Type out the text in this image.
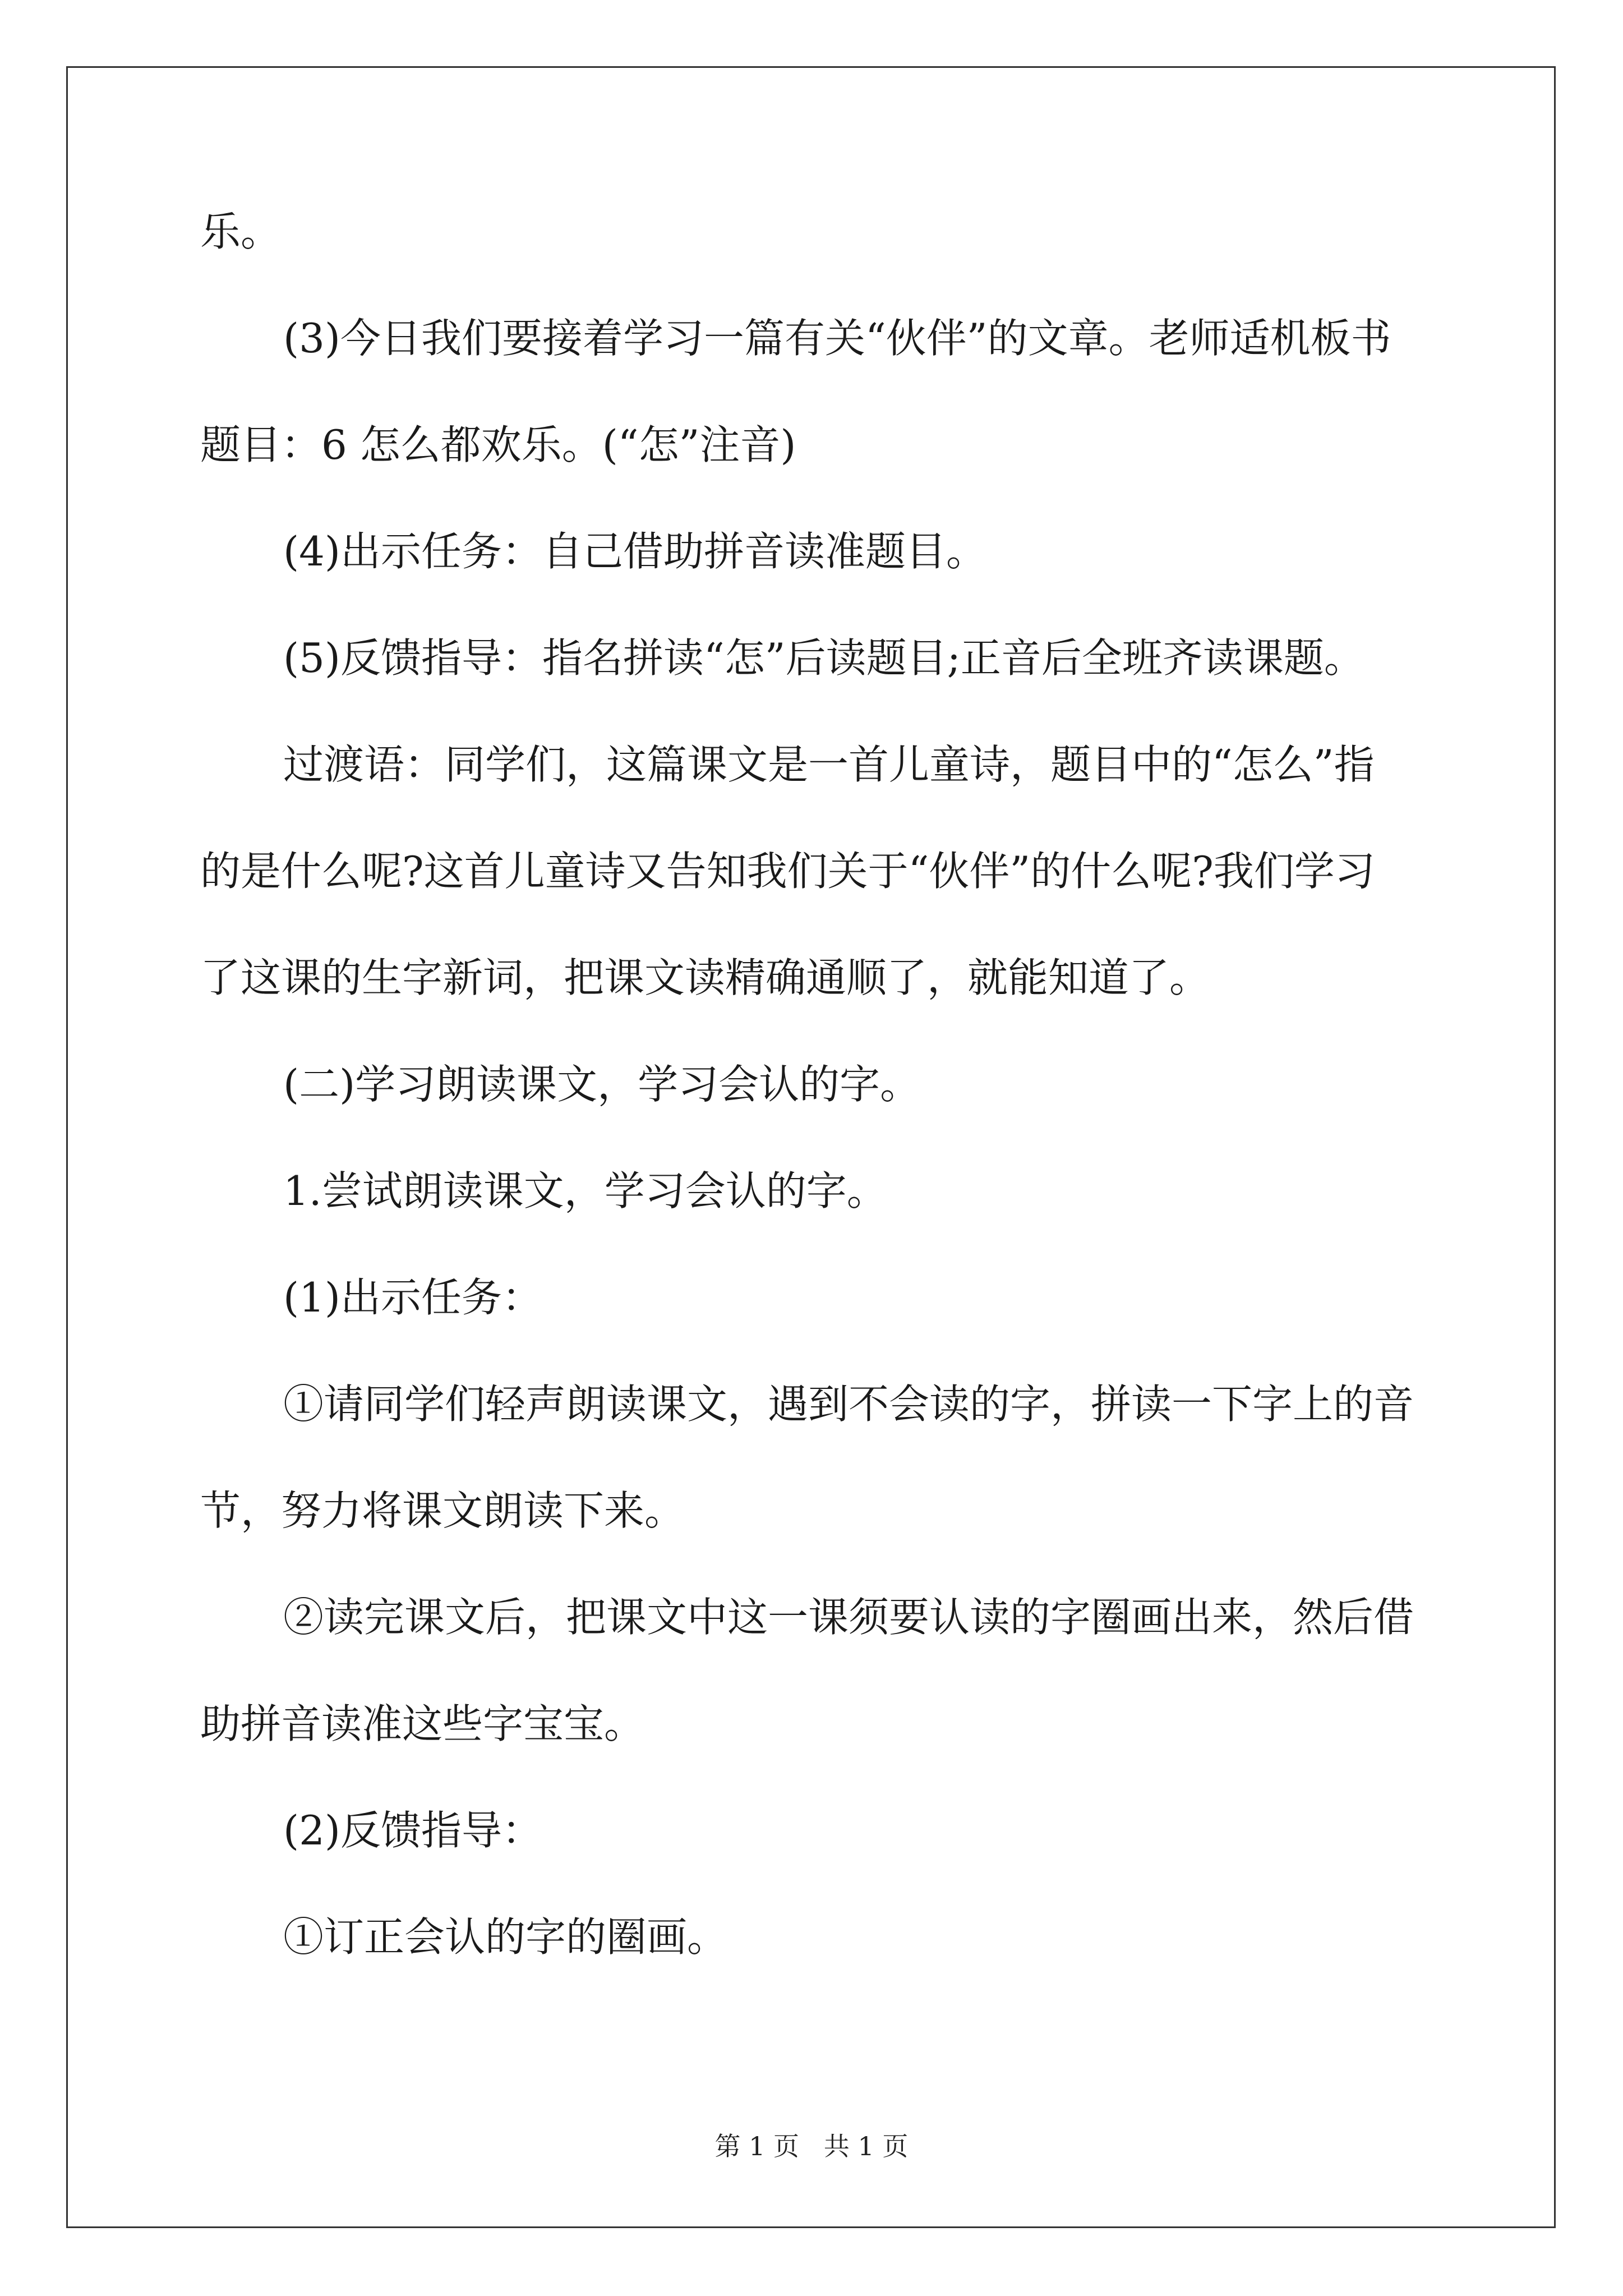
乐。
(3)今日我们要接着学习一篇有关“伙伴”的文章。老师适机板书
题目：6 怎么都欢乐。(“怎”注音)
(4)出示任务：自己借助拼音读准题目。
(5)反馈指导：指名拼读“怎”后读题目;正音后全班齐读课题。
过渡语：同学们，这篇课文是一首儿童诗，题目中的“怎么”指
的是什么呢?这首儿童诗又告知我们关于“伙伴”的什么呢?我们学习
了这课的生字新词，把课文读精确通顺了，就能知道了。
(二)学习朗读课文，学习会认的字。
1.尝试朗读课文，学习会认的字。
(1)出示任务：
①请同学们轻声朗读课文，遇到不会读的字，拼读一下字上的音
节，努力将课文朗读下来。
②读完课文后，把课文中这一课须要认读的字圈画出来，然后借
助拼音读准这些字宝宝。
(2)反馈指导：
①订正会认的字的圈画。
第 1 页   共 1 页
